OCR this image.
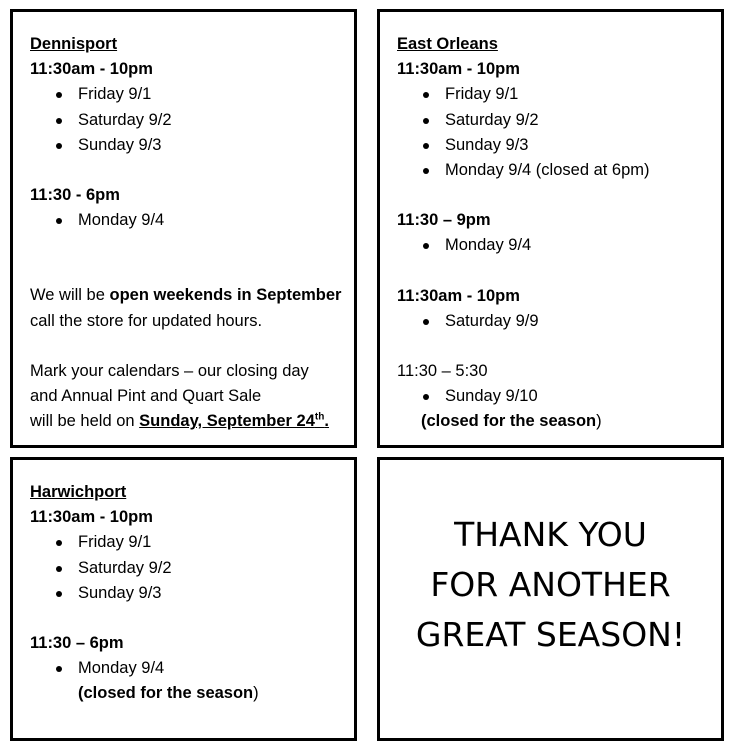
Dennisport
11:30am - 10pm
Friday 9/1
Saturday 9/2
Sunday 9/3
11:30 - 6pm
Monday 9/4
We will be open weekends in September
call the store for updated hours.
Mark your calendars – our closing day
and Annual Pint and Quart Sale
will be held on Sunday, September 24th.
East Orleans
11:30am - 10pm
Friday 9/1
Saturday 9/2
Sunday 9/3
Monday 9/4 (closed at 6pm)
11:30 – 9pm
Monday 9/4
11:30am - 10pm
Saturday 9/9
11:30 – 5:30
Sunday 9/10
(closed for the season)
Harwichport
11:30am - 10pm
Friday 9/1
Saturday 9/2
Sunday 9/3
11:30 – 6pm
Monday 9/4
(closed for the season)
THANK YOU
FOR ANOTHER
GREAT SEASON!
